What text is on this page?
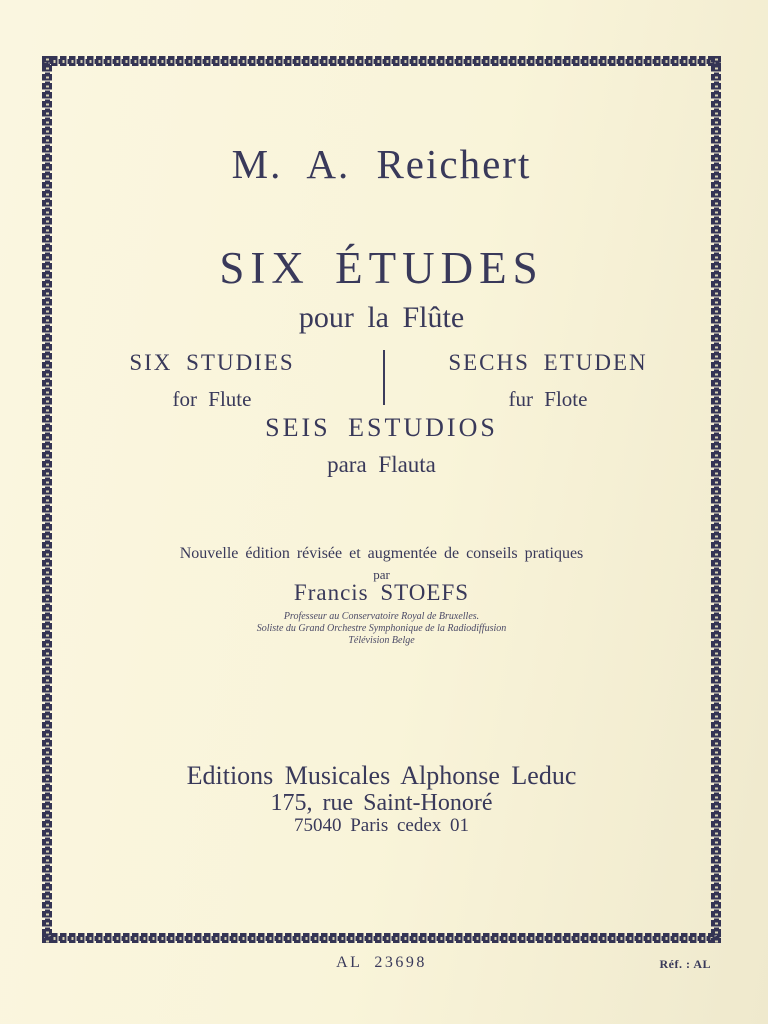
M. A. Reichert
SIX ÉTUDES
pour la Flûte
SIX STUDIES
for Flute
SECHS ETUDEN
fur Flote
SEIS ESTUDIOS
para Flauta
Nouvelle édition révisée et augmentée de conseils pratiques
par
Francis STOEFS
Professeur au Conservatoire Royal de Bruxelles.
Soliste du Grand Orchestre Symphonique de la Radiodiffusion
Télévision Belge
Editions Musicales Alphonse Leduc
175, rue Saint-Honoré
75040 Paris cedex 01
AL 23698	Réf. : AL
